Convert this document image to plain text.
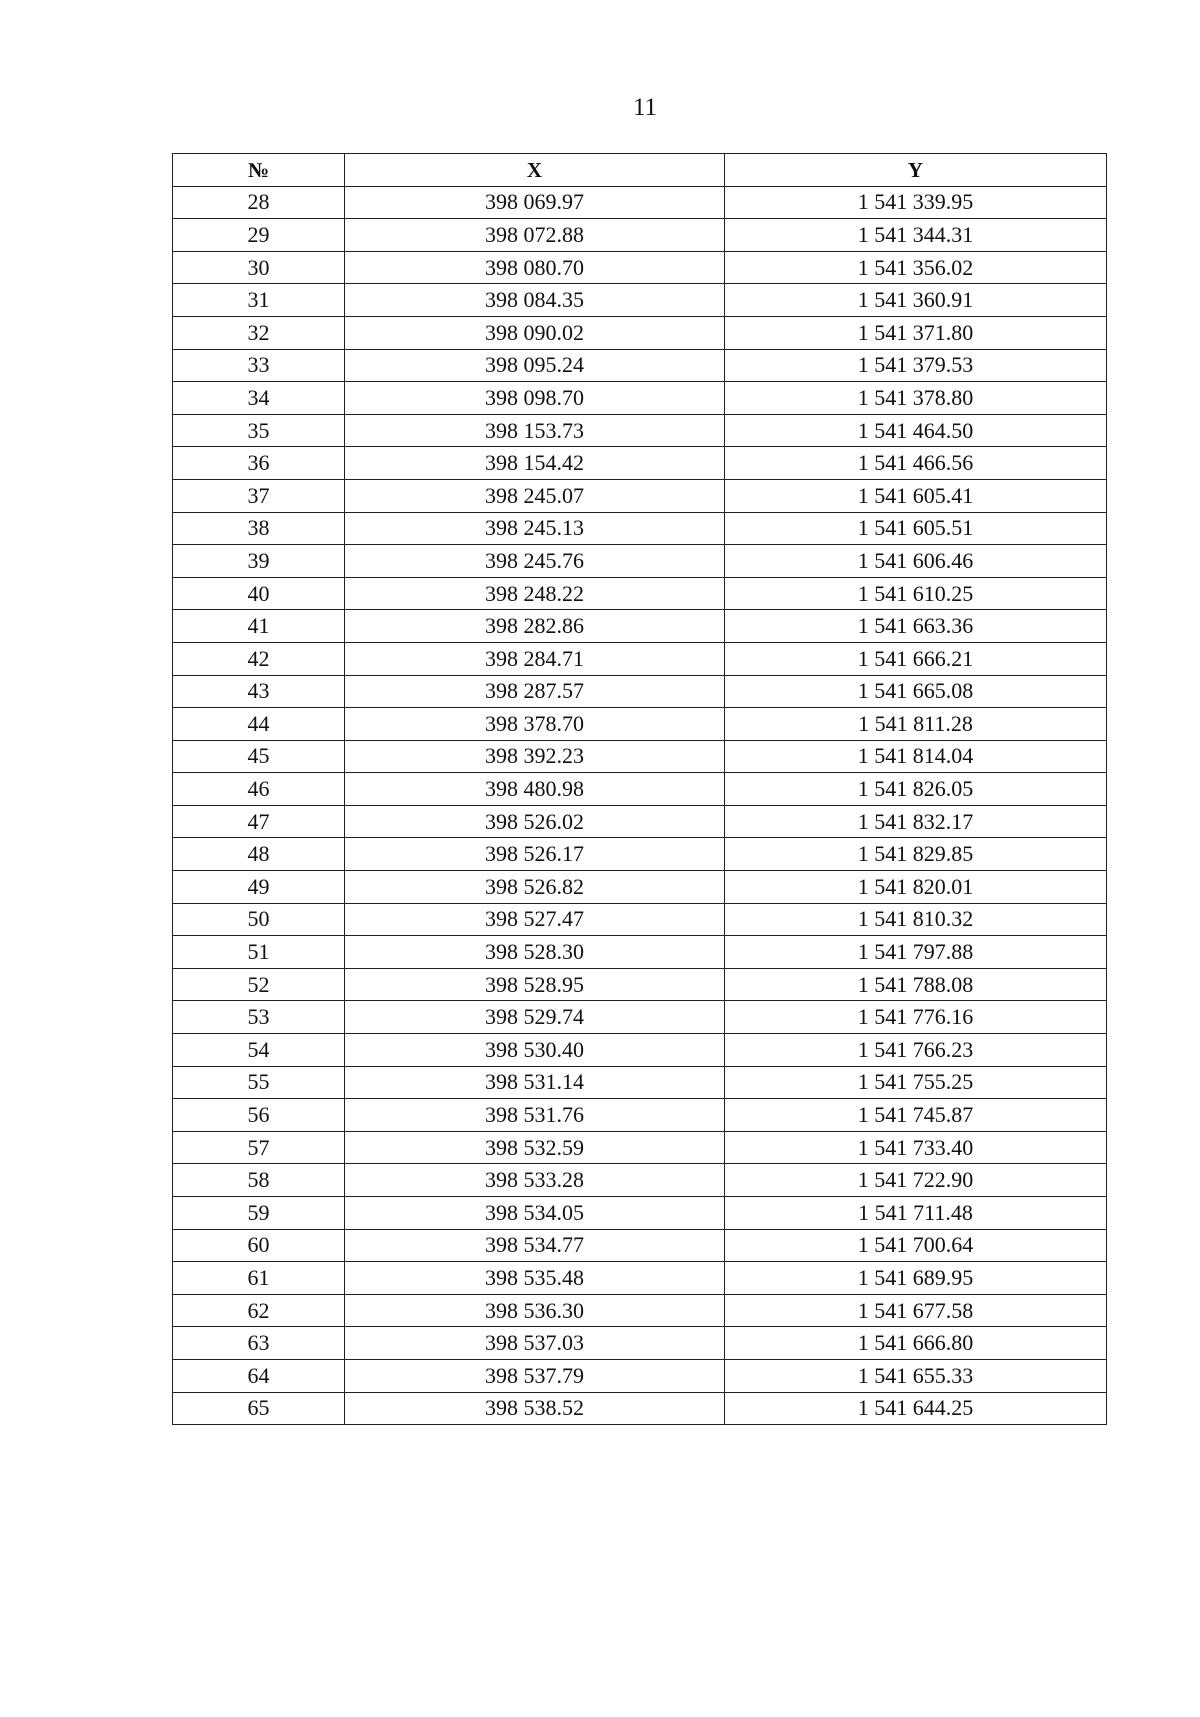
11
№	X	Y
28	398 069.97	1 541 339.95
29	398 072.88	1 541 344.31
30	398 080.70	1 541 356.02
31	398 084.35	1 541 360.91
32	398 090.02	1 541 371.80
33	398 095.24	1 541 379.53
34	398 098.70	1 541 378.80
35	398 153.73	1 541 464.50
36	398 154.42	1 541 466.56
37	398 245.07	1 541 605.41
38	398 245.13	1 541 605.51
39	398 245.76	1 541 606.46
40	398 248.22	1 541 610.25
41	398 282.86	1 541 663.36
42	398 284.71	1 541 666.21
43	398 287.57	1 541 665.08
44	398 378.70	1 541 811.28
45	398 392.23	1 541 814.04
46	398 480.98	1 541 826.05
47	398 526.02	1 541 832.17
48	398 526.17	1 541 829.85
49	398 526.82	1 541 820.01
50	398 527.47	1 541 810.32
51	398 528.30	1 541 797.88
52	398 528.95	1 541 788.08
53	398 529.74	1 541 776.16
54	398 530.40	1 541 766.23
55	398 531.14	1 541 755.25
56	398 531.76	1 541 745.87
57	398 532.59	1 541 733.40
58	398 533.28	1 541 722.90
59	398 534.05	1 541 711.48
60	398 534.77	1 541 700.64
61	398 535.48	1 541 689.95
62	398 536.30	1 541 677.58
63	398 537.03	1 541 666.80
64	398 537.79	1 541 655.33
65	398 538.52	1 541 644.25
